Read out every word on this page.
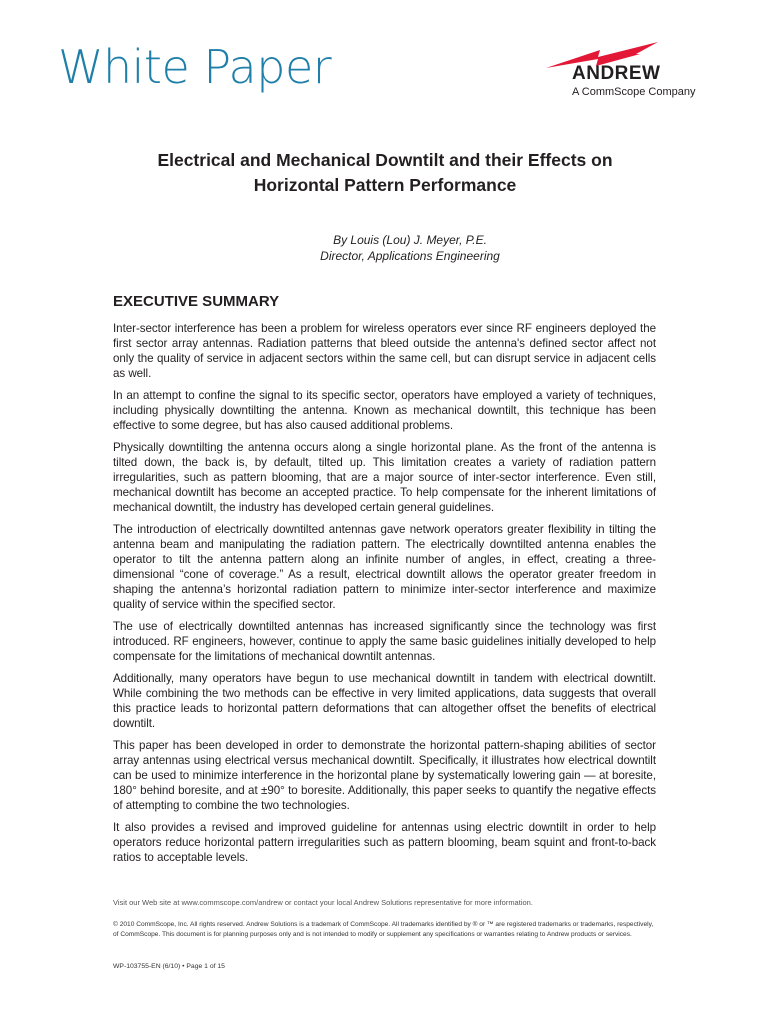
White Paper	ANDREW
A CommScope Company
Electrical and Mechanical Downtilt and their Effects on
Horizontal Pattern Performance
By Louis (Lou) J. Meyer, P.E.
Director, Applications Engineering
EXECUTIVE SUMMARY

Inter-sector interference has been a problem for wireless operators ever since RF engineers deployed the first sector array antennas. Radiation patterns that bleed outside the antenna's defined sector affect not only the quality of service in adjacent sectors within the same cell, but can disrupt service in adjacent cells as well.

In an attempt to confine the signal to its specific sector, operators have employed a variety of techniques, including physically downtilting the antenna. Known as mechanical downtilt, this technique has been effective to some degree, but has also caused additional problems.

Physically downtilting the antenna occurs along a single horizontal plane. As the front of the antenna is tilted down, the back is, by default, tilted up. This limitation creates a variety of radiation pattern irregularities, such as pattern blooming, that are a major source of inter-sector interference. Even still, mechanical downtilt has become an accepted practice. To help compensate for the inherent limitations of mechanical downtilt, the industry has developed certain general guidelines.

The introduction of electrically downtilted antennas gave network operators greater flexibility in tilting the antenna beam and manipulating the radiation pattern. The electrically downtilted antenna enables the operator to tilt the antenna pattern along an infinite number of angles, in effect, creating a three-dimensional “cone of coverage.” As a result, electrical downtilt allows the operator greater freedom in shaping the antenna’s horizontal radiation pattern to minimize inter-sector interference and maximize quality of service within the specified sector.

The use of electrically downtilted antennas has increased significantly since the technology was first introduced. RF engineers, however, continue to apply the same basic guidelines initially developed to help compensate for the limitations of mechanical downtilt antennas.

Additionally, many operators have begun to use mechanical downtilt in tandem with electrical downtilt. While combining the two methods can be effective in very limited applications, data suggests that overall this practice leads to horizontal pattern deformations that can altogether offset the benefits of electrical downtilt.

This paper has been developed in order to demonstrate the horizontal pattern-shaping abilities of sector array antennas using electrical versus mechanical downtilt. Specifically, it illustrates how electrical downtilt can be used to minimize interference in the horizontal plane by systematically lowering gain — at boresite, 180° behind boresite, and at ±90° to boresite. Additionally, this paper seeks to quantify the negative effects of attempting to combine the two technologies.

It also provides a revised and improved guideline for antennas using electric downtilt in order to help operators reduce horizontal pattern irregularities such as pattern blooming, beam squint and front-to-back ratios to acceptable levels.

Visit our Web site at www.commscope.com/andrew or contact your local Andrew Solutions representative for more information.
© 2010 CommScope, Inc. All rights reserved. Andrew Solutions is a trademark of CommScope. All trademarks identified by ® or ™ are registered trademarks or trademarks, respectively, of CommScope. This document is for planning purposes only and is not intended to modify or supplement any specifications or warranties relating to Andrew products or services.
WP-103755-EN (6/10) • Page 1 of 15
